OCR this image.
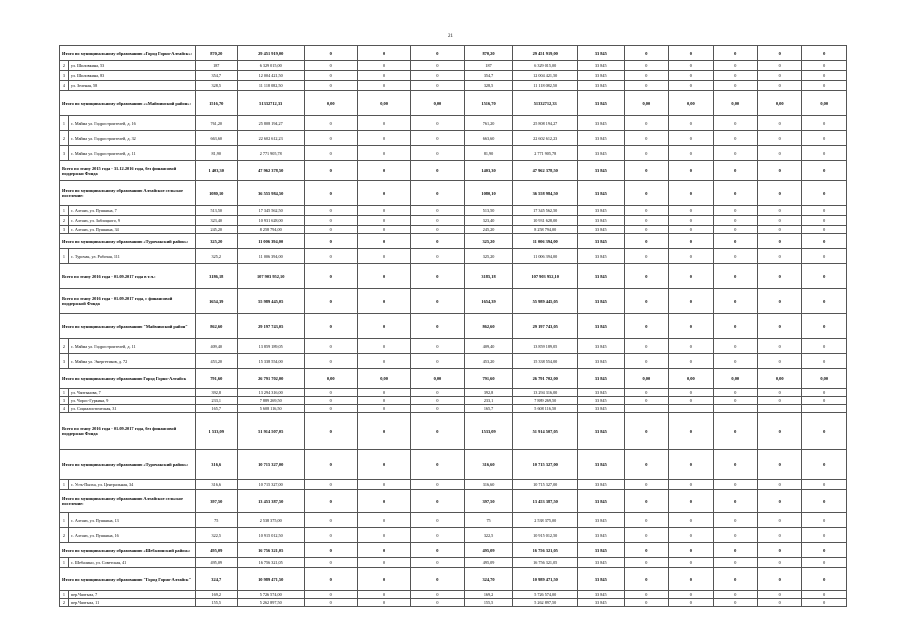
21
Итого по муниципальному образованию «Город Горно-Алтайск»:		870,20	29 451 919,00	0	0	0	870,20	29 451 919,00	33 845	0	0	0	0	0
2	ул. Шиловкина, 53	187	6 329 015,00	0	0	0	187	6 329 015,00	33 845	0	0	0	0	0
3	ул. Шиловкина, 83	354,7	12 004 421,50	0	0	0	354,7	12 004 421,50	33 845	0	0	0	0	0
4	ул. Зеленая, 58	328,5	11 118 082,50	0	0	0	328,5	11 118 082,50	33 845	0	0	0	0	0
Итого по муниципальному образованию «»Майминский район»:		1516,70	51332712,33	0,00	0,00	0,00	1516,70	51332712,33	33 845	0,00	0,00	0,00	0,00	0,00
1	с. Майма ул. Гидростроителей, д. 16	761,20	25 808 194,27	0	0	0	761,20	25 808 194,27	33 845	0	0	0	0	0
2	с. Майма ул. Гидростроителей, д. 32	663,60	22 602 612,23	0	0	0	663,60	22 602 612,23	33 845	0	0	0	0	0
3	с. Майма ул. Гидростроителей, д. 11	81,90	2 771 905,78	0	0	0	81,90	2 771 905,78	33 845	0	0	0	0	0
Всего по этапу 2015 года - 31.12.2016 года, без финансовой поддержки Фонда		1 403,30	47 962 378,50	0	0	0	1403,30	47 962 378,50	33 845	0	0	0	0	0
Итого по муниципальному образованию Алтайское сельское поселение:		1080,10	36 555 984,50	0	0	0	1080,10	36 558 984,50	33 845	0	0	0	0	0
1	с. Алтаиз, ул. Пушкина, 7	513,50	17 345 562,50	0	0	0	513,50	17 345 562,50	33 845	0	0	0	0	0
2	с. Алтаиз, ул. Заблоцкого, 9	323,40	10 931 628,00	0	0	0	323,40	10 931 628,00	33 845	0	0	0	0	0
3	с. Алтаиз, ул. Пушкина, 34	245,20	8 258 794,00	0	0	0	245,20	8 258 794,00	33 845	0	0	0	0	0
Итого по муниципальному образованию «Турочакский район»:		325,20	11 006 394,00	0	0	0	325,20	11 006 394,00	33 845	0	0	0	0	0
1	с. Турочак, ул. Рабочая, 111	325,2	11 006 394,00	0	0	0	325,20	11 006 394,00	33 845	0	0	0	0	0
Всего по этапу 2016 года - 01.09.2017 года в т.ч.:		3186,18	107 903 952,10	0	0	0	3185,18	107 903 952,10	33 845	0	0	0	0	0
Всего по этапу 2016 года - 01.09.2017 года, с финансовой поддержкой Фонда		1654,39	55 989 445,05	0	0	0	1654,39	55 989 445,05	33 845	0	0	0	0	0
Итого по муниципальному образованию "Майминский район"		862,60	29 197 743,05	0	0	0	862,60	29 197 743,05	33 845	0	0	0	0	0
2	с. Майма ул. Гидростроителей, д. 11	409,40	13 859 189,05	0	0	0	409,40	13 859 189,05	33 845	0	0	0	0	0
3	с. Майма ул. Энергетиков, д. 72	453,20	15 338 554,00	0	0	0	453,20	15 338 554,00	33 845	0	0	0	0	0
Итого по муниципальному образованию Город Горно-Алтайск		791,60	26 791 702,00	0,00	0,00	0,00	791,60	26 791 702,00	33 845	0,00	0,00	0,00	0,00	0,00
1	ул. Чаптынова, 7	392,8	13 294 316,00	0	0	0	392,8	13 294 316,00	33 845	0	0	0	0	0
3	ул. Чорос-Гуркина, 9	233,1	7 889 269,50	0	0	0	233,1	7 889 269,50	33 845	0	0	0	0	0
4	ул. Социалистическая, 31	165,7	5 608 116,50	0	0	0	165,7	5 608 116,50	33 845					
Всего по этапу 2016 года - 01.09.2017 года, без финансовой поддержки Фонда		1 533,09	51 914 507,05	0	0	0	1533,09	51 914 507,05	33 845	0	0	0	0	0
Итого по муниципальному образованию «Турочакский район»:		316,6	10 715 327,00	0	0	0	316,60	10 715 327,00	33 845	0	0	0	0	0
1	с. Усть-Пызха, ул. Центральная, 34	316,6	10 715 327,00	0	0	0	316,60	10 715 327,00	33 845	0	0	0	0	0
Итого по муниципальному образованию Алтайское сельское поселение:		397,50	13 453 387,50	0	0	0	397,50	13 453 387,50	33 845	0	0	0	0	0
1	с. Алтаиз, ул. Пушкина, 13	75	2 538 375,00	0	0	0	75	2 538 375,00	33 845	0	0	0	0	0
2	с. Алтаиз, ул. Пушкина, 16	322,5	10 915 012,50	0	0	0	322,5	10 915 012,50	33 845	0	0	0	0	0
Итого по муниципальному образованию «Шебалинский район»:		495,09	16 756 321,05	0	0	0	495,09	16 756 321,05	33 845	0	0	0	0	0
1	с. Шебалино, ул. Советская, 41	495,09	16 756 321,05	0	0	0	495,09	16 756 321,05	33 845	0	0	0	0	0
Итого по муниципальному образованию "Город Горно-Алтайск"		324,7	10 989 471,50	0	0	0	324,70	10 989 471,50	33 845	0	0	0	0	0
1	пер.Чаптыза, 7	169,2	5 726 574,00	0	0	0	169,2	5 726 574,00	33 845	0	0	0	0	0
2	пер.Чаптыза, 11	155,5	5 262 897,50	0	0	0	155,5	5 262 897,50	33 845	0	0	0	0	0
